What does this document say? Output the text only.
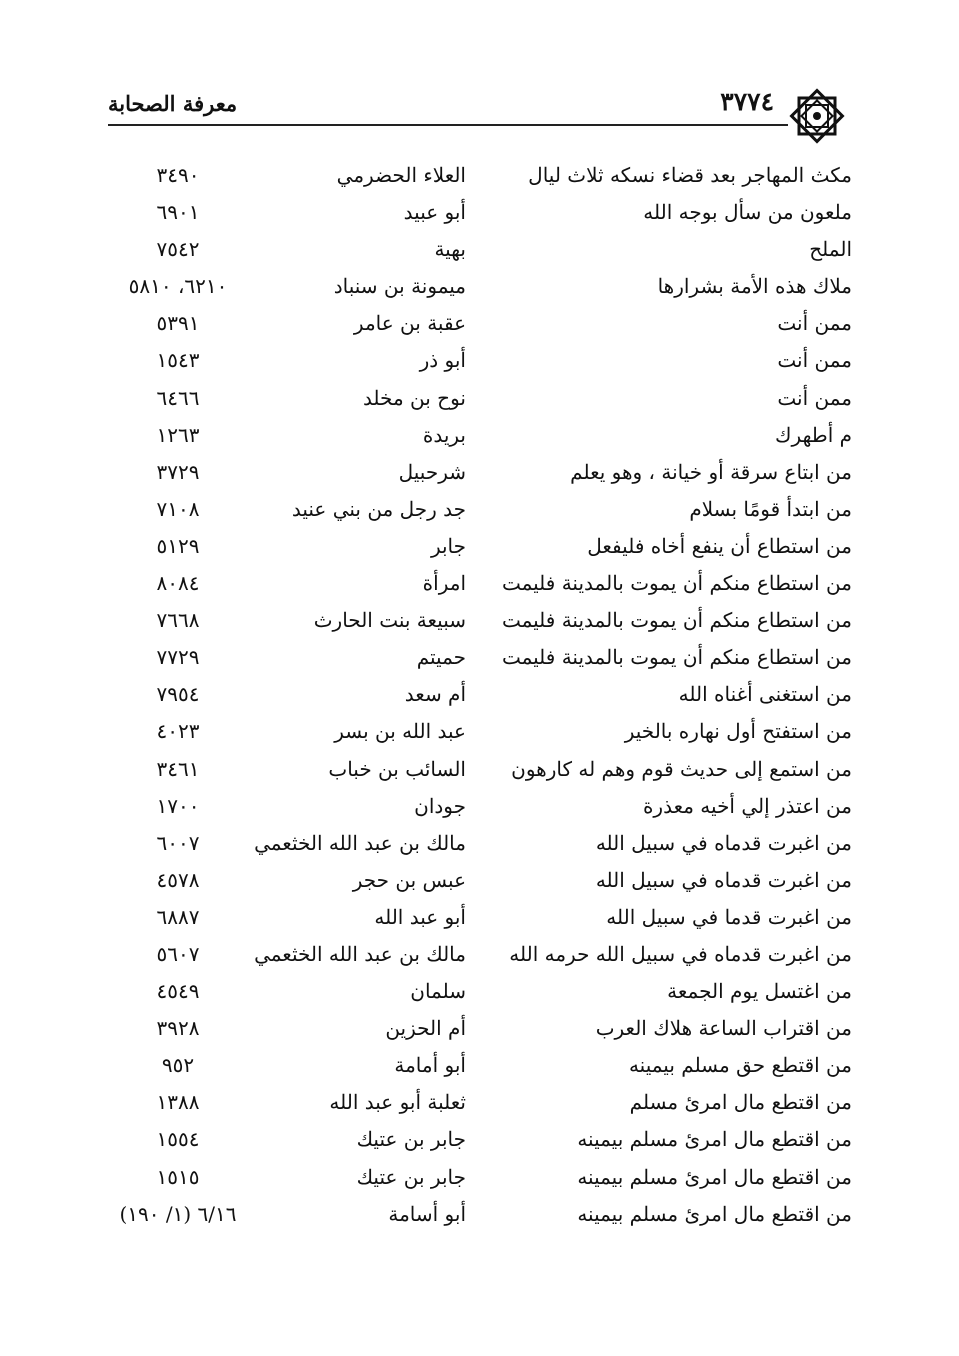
٣٧٧٤
معرفة الصحابة
مكث المهاجر بعد قضاء نسكه ثلاث ليال
العلاء الحضرمي
٣٤٩٠
ملعون من سأل بوجه الله
أبو عبيد
٦٩٠١
الملح
بهية
٧٥٤٢
ملاك هذه الأمة بشرارها
ميمونة بن سنباد
٦٢١٠، ٥٨١٠
ممن أنت
عقبة بن عامر
٥٣٩١
ممن أنت
أبو ذر
١٥٤٣
ممن أنت
نوح بن مخلد
٦٤٦٦
م أطهرك
بريدة
١٢٦٣
من ابتاع سرقة أو خيانة ، وهو يعلم
شرحبيل
٣٧٢٩
من ابتدأ قومًا بسلام
جد رجل من بني عنيد
٧١٠٨
من استطاع أن ينفع أخاه فليفعل
جابر
٥١٢٩
من استطاع منكم أن يموت بالمدينة فليمت
امرأة
٨٠٨٤
من استطاع منكم أن يموت بالمدينة فليمت
سبيعة بنت الحارث
٧٦٦٨
من استطاع منكم أن يموت بالمدينة فليمت
حميتم
٧٧٢٩
من استغنى أغناه الله
أم سعد
٧٩٥٤
من استفتح أول نهاره بالخير
عبد الله بن بسر
٤٠٢٣
من استمع إلى حديث قوم وهم له كارهون
السائب بن خباب
٣٤٦١
من اعتذر إلي أخيه معذرة
جودان
١٧٠٠
من اغبرت قدماه في سبيل الله
مالك بن عبد الله الخثعمي
٦٠٠٧
من اغبرت قدماه في سبيل الله
عبس بن حجر
٤٥٧٨
من اغبرت قدما في سبيل الله
أبو عبد الله
٦٨٨٧
من اغبرت قدماه في سبيل الله حرمه الله
مالك بن عبد الله الخثعمي
٥٦٠٧
من اغتسل يوم الجمعة
سلمان
٤٥٤٩
من اقتراب الساعة هلاك العرب
أم الحزين
٣٩٢٨
من اقتطع حق مسلم بيمينه
أبو أمامة
٩٥٢
من اقتطع مال امرئ مسلم
ثعلبة أبو عبد الله
١٣٨٨
من اقتطع مال امرئ مسلم بيمينه
جابر بن عتيك
١٥٥٤
من اقتطع مال امرئ مسلم بيمينه
جابر بن عتيك
١٥١٥
من اقتطع مال امرئ مسلم بيمينه
أبو أسامة
(١/ ١٩٠) ٦/١٦
